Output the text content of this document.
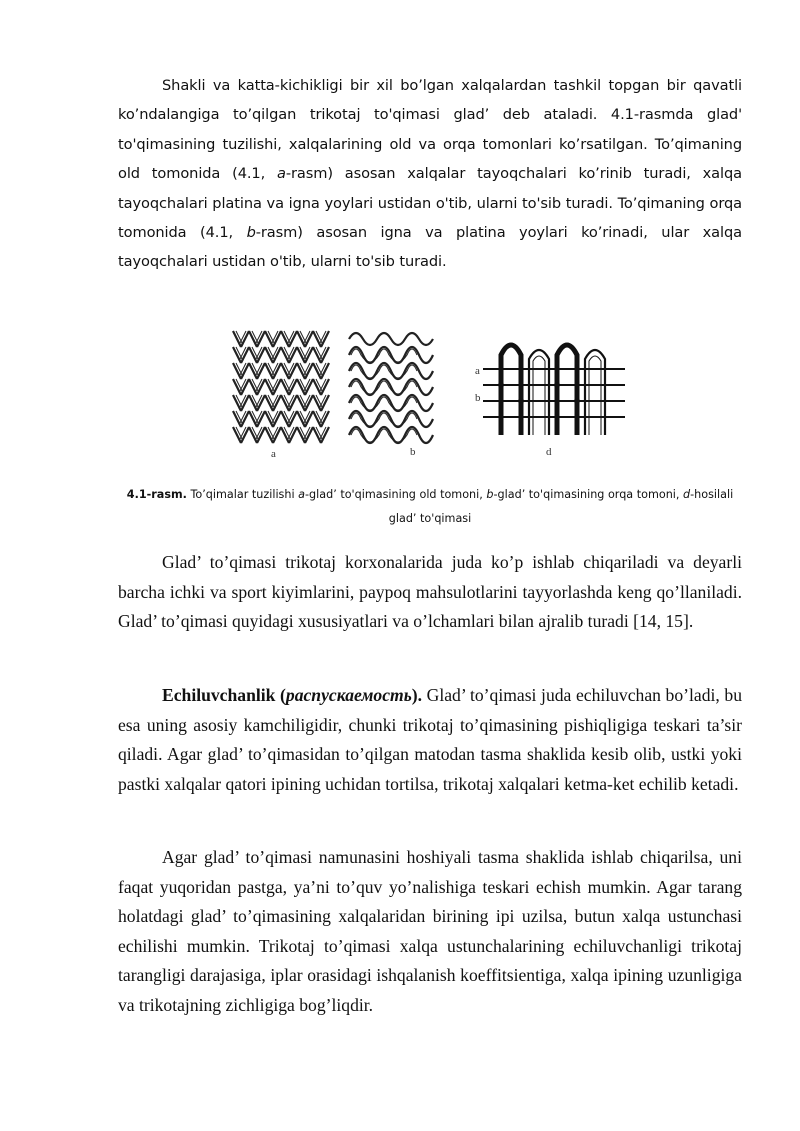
Shakli va katta-kichikligi bir xil bo’lgan xalqalardan tashkil topgan bir qavatli ko’ndalangiga to’qilgan trikotaj to'qimasi glad’ deb ataladi. 4.1-rasmda glad' to'qimasining tuzilishi, xalqalarining old va orqa tomonlari ko’rsatilgan. To’qimaning old tomonida (4.1, a-rasm) asosan xalqalar tayoqchalari ko’rinib turadi, xalqa tayoqchalari platina va igna yoylari ustidan o'tib, ularni to'sib turadi. To’qimaning orqa tomonida (4.1, b-rasm) asosan igna va platina yoylari ko’rinadi, ular xalqa tayoqchalari ustidan o'tib, ularni to'sib turadi.

a	b	d
a
b

4.1-rasm. To’qimalar tuzilishi a-glad’ to'qimasining old tomoni, b-glad’ to'qimasining orqa tomoni, d-hosilali glad’ to'qimasi

Glad’ to’qimasi trikotaj korxonalarida juda ko’p ishlab chiqariladi va deyarli barcha ichki va sport kiyimlarini, paypoq mahsulotlarini tayyorlashda keng qo’llaniladi. Glad’ to’qimasi quyidagi xususiyatlari va o’lchamlari bilan ajralib turadi [14, 15].

Echiluvchanlik (распускаемость). Glad’ to’qimasi juda echiluvchan bo’ladi, bu esa uning asosiy kamchiligidir, chunki trikotaj to’qimasining pishiqligiga teskari ta’sir qiladi. Agar glad’ to’qimasidan to’qilgan matodan tasma shaklida kesib olib, ustki yoki pastki xalqalar qatori ipining uchidan tortilsa, trikotaj xalqalari ketma-ket echilib ketadi.

Agar glad’ to’qimasi namunasini hoshiyali tasma shaklida ishlab chiqarilsa, uni faqat yuqoridan pastga, ya’ni to’quv yo’nalishiga teskari echish mumkin. Agar tarang holatdagi glad’ to’qimasining xalqalaridan birining ipi uzilsa, butun xalqa ustunchasi echilishi mumkin. Trikotaj to’qimasi xalqa ustunchalarining echiluvchanligi trikotaj tarangligi darajasiga, iplar orasidagi ishqalanish koeffitsientiga, xalqa ipining uzunligiga va trikotajning zichligiga bog’liqdir.
